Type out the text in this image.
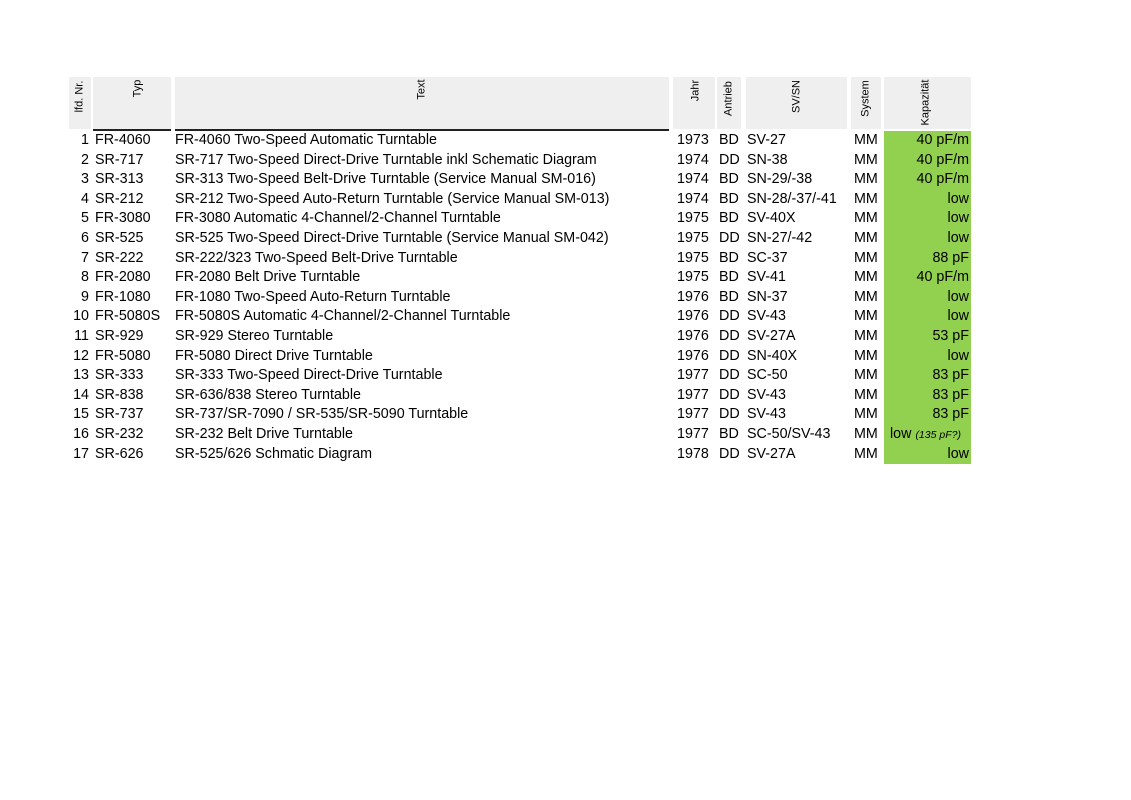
lfd. Nr.	Typ	Text	Jahr Antrieb	SV/SN	System	Kapazität
1 FR-4060	FR-4060 Two-Speed Automatic Turntable	1973 BD SV-27	MM	40 pF/m
2 SR-717	SR-717 Two-Speed Direct-Drive Turntable inkl Schematic Diagram	1974 DD SN-38	MM	40 pF/m
3 SR-313	SR-313 Two-Speed Belt-Drive Turntable (Service Manual SM-016)	1974 BD SN-29/-38	MM	40 pF/m
4 SR-212	SR-212 Two-Speed Auto-Return Turntable (Service Manual SM-013)	1974 BD SN-28/-37/-41	MM	low
5 FR-3080	FR-3080 Automatic 4-Channel/2-Channel Turntable	1975 BD SV-40X	MM	low
6 SR-525	SR-525 Two-Speed Direct-Drive Turntable (Service Manual SM-042)	1975 DD SN-27/-42	MM	low
7 SR-222	SR-222/323 Two-Speed Belt-Drive Turntable	1975 BD SC-37	MM	88 pF
8 FR-2080	FR-2080 Belt Drive Turntable	1975 BD SV-41	MM	40 pF/m
9 FR-1080	FR-1080 Two-Speed Auto-Return Turntable	1976 BD SN-37	MM	low
10 FR-5080S	FR-5080S Automatic 4-Channel/2-Channel Turntable	1976 DD SV-43	MM	low
11 SR-929	SR-929 Stereo Turntable	1976 DD SV-27A	MM	53 pF
12 FR-5080	FR-5080 Direct Drive Turntable	1976 DD SN-40X	MM	low
13 SR-333	SR-333 Two-Speed Direct-Drive Turntable	1977 DD SC-50	MM	83 pF
14 SR-838	SR-636/838 Stereo Turntable	1977 DD SV-43	MM	83 pF
15 SR-737	SR-737/SR-7090 / SR-535/SR-5090 Turntable	1977 DD SV-43	MM	83 pF
16 SR-232	SR-232 Belt Drive Turntable	1977 BD SC-50/SV-43	MM low (135 pF?)
17 SR-626	SR-525/626 Schmatic Diagram	1978 DD SV-27A	MM	low
